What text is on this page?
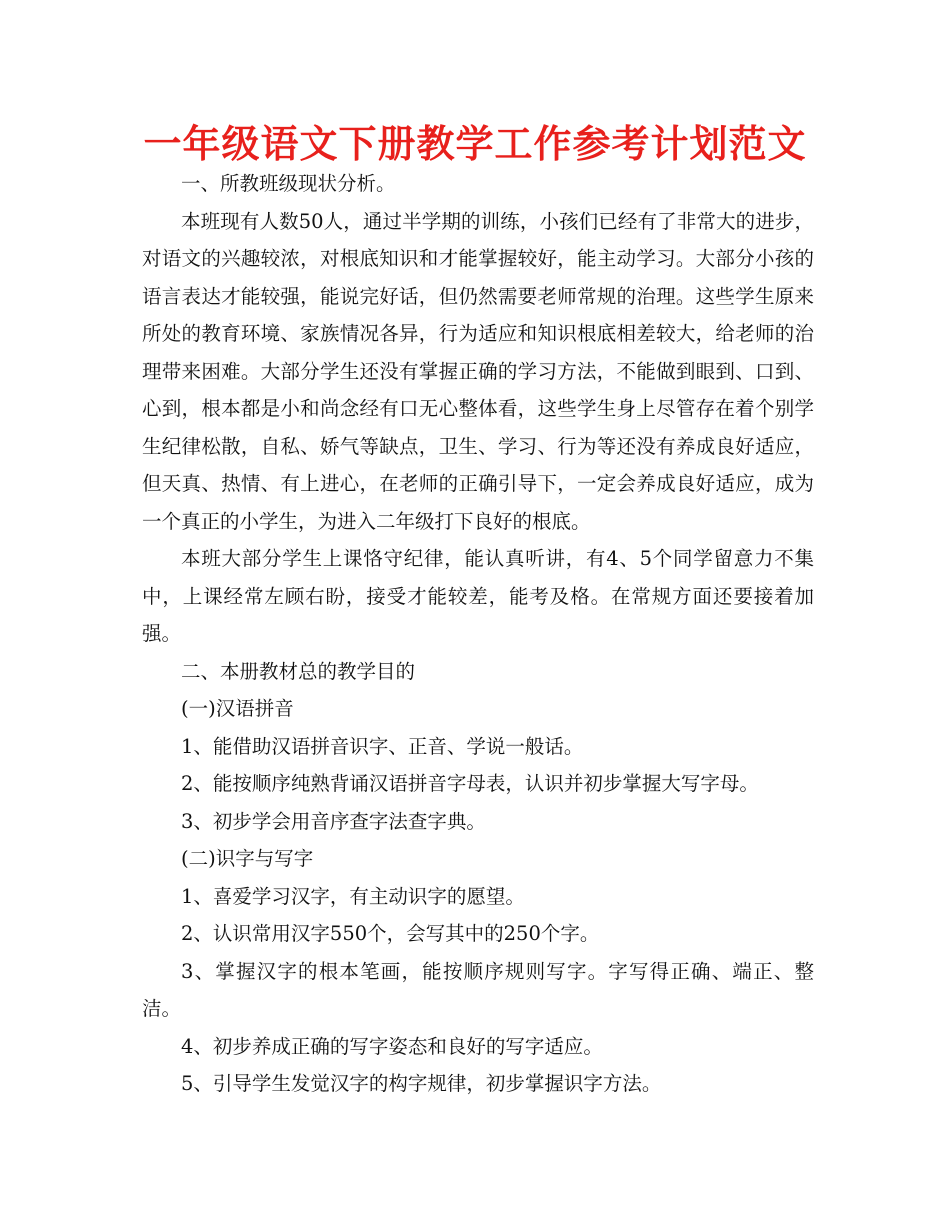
一年级语文下册教学工作参考计划范文

一、所教班级现状分析。

本班现有人数50人，通过半学期的训练，小孩们已经有了非常大的进步，对语文的兴趣较浓，对根底知识和才能掌握较好，能主动学习。大部分小孩的语言表达才能较强，能说完好话，但仍然需要老师常规的治理。这些学生原来所处的教育环境、家族情况各异，行为适应和知识根底相差较大，给老师的治理带来困难。大部分学生还没有掌握正确的学习方法，不能做到眼到、口到、心到，根本都是小和尚念经有口无心整体看，这些学生身上尽管存在着个别学生纪律松散，自私、娇气等缺点，卫生、学习、行为等还没有养成良好适应，但天真、热情、有上进心，在老师的正确引导下，一定会养成良好适应，成为一个真正的小学生，为进入二年级打下良好的根底。

本班大部分学生上课恪守纪律，能认真听讲，有4、5个同学留意力不集中，上课经常左顾右盼，接受才能较差，能考及格。在常规方面还要接着加强。

二、本册教材总的教学目的

(一)汉语拼音

1、能借助汉语拼音识字、正音、学说一般话。

2、能按顺序纯熟背诵汉语拼音字母表，认识并初步掌握大写字母。

3、初步学会用音序查字法查字典。

(二)识字与写字

1、喜爱学习汉字，有主动识字的愿望。

2、认识常用汉字550个，会写其中的250个字。

3、掌握汉字的根本笔画，能按顺序规则写字。字写得正确、端正、整洁。

4、初步养成正确的写字姿态和良好的写字适应。

5、引导学生发觉汉字的构字规律，初步掌握识字方法。
